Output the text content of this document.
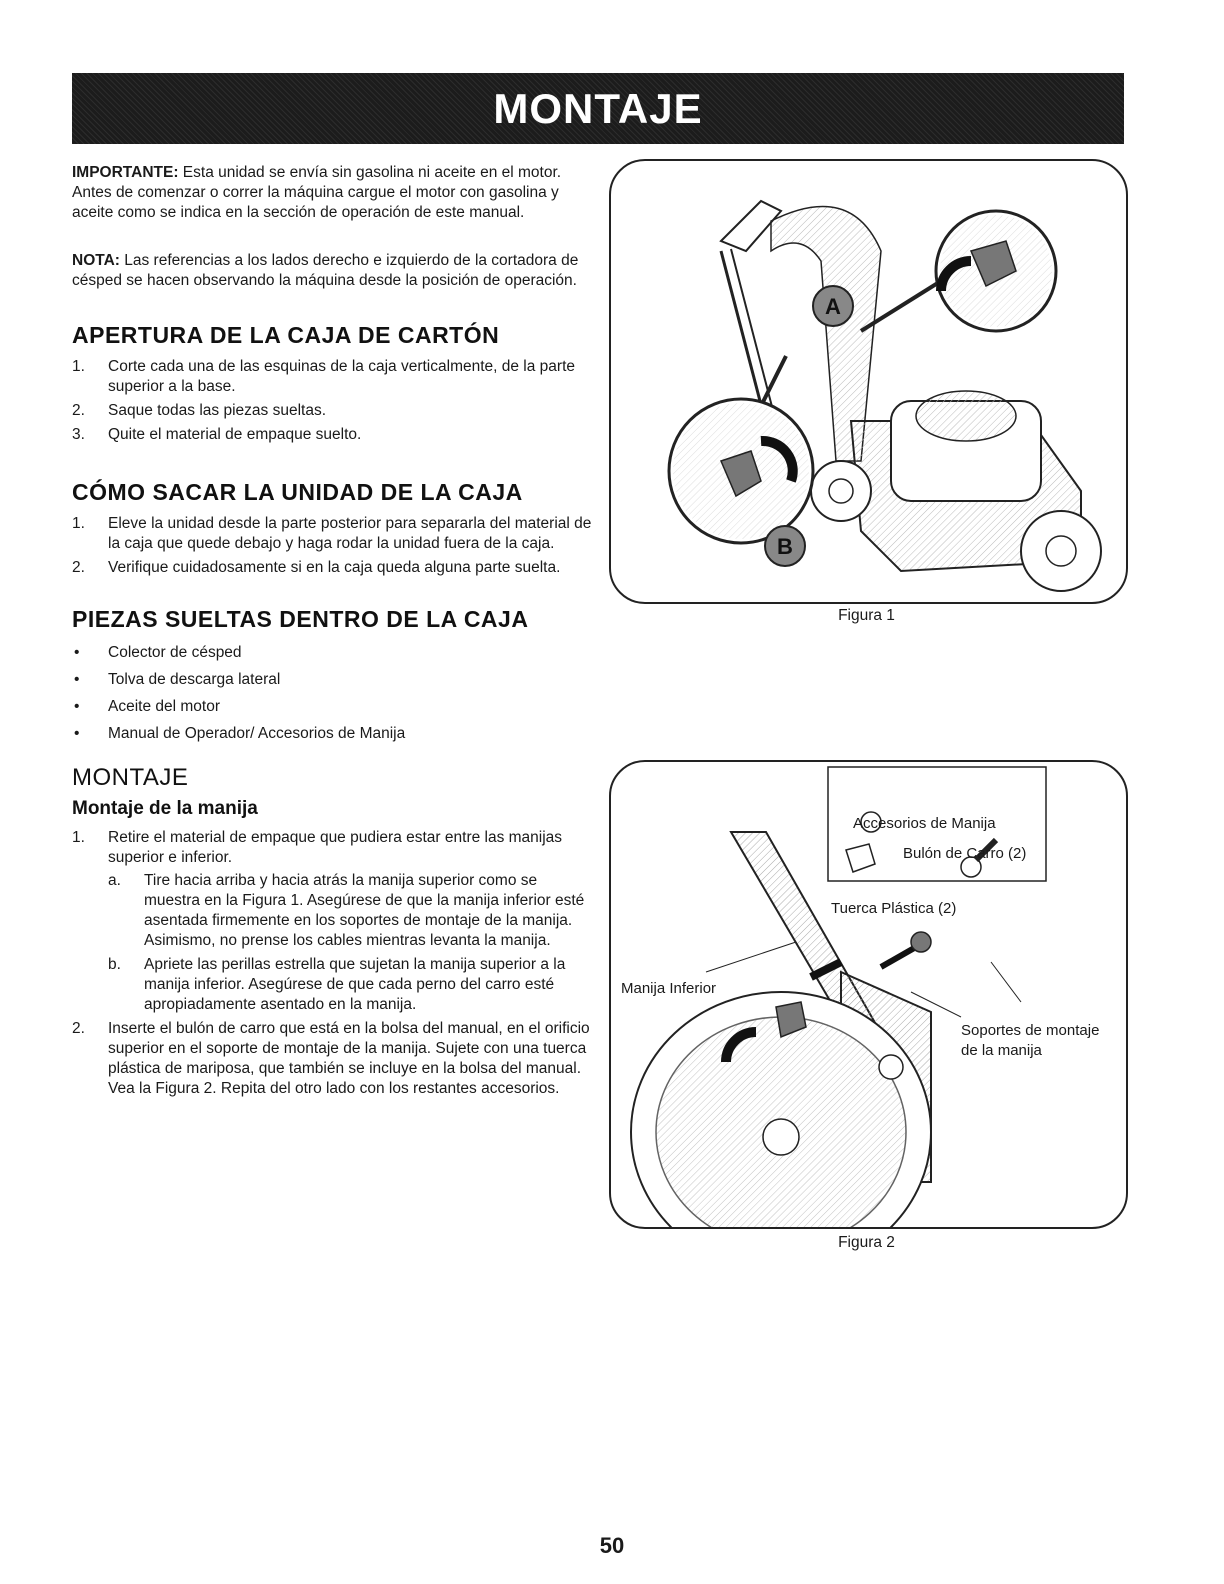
MONTAJE

IMPORTANTE: Esta unidad se envía sin gasolina ni aceite en el motor. Antes de comenzar o correr la máquina cargue el motor con gasolina y aceite como se indica en la sección de operación de este manual.

NOTA: Las referencias a los lados derecho e izquierdo de la cortadora de césped se hacen observando la máquina desde la posición de operación.

APERTURA DE LA CAJA DE CARTÓN
1. Corte cada una de las esquinas de la caja verticalmente, de la parte superior a la base.
2. Saque todas las piezas sueltas.
3. Quite el material de empaque suelto.
CÓMO SACAR LA UNIDAD DE LA CAJA
1. Eleve la unidad desde la parte posterior para separarla del material de la caja que quede debajo y haga rodar la unidad fuera de la caja.
2. Verifique cuidadosamente si en la caja queda alguna parte suelta.
PIEZAS SUELTAS DENTRO DE LA CAJA
• Colector de césped
• Tolva de descarga lateral
• Aceite del motor
• Manual de Operador/ Accesorios de Manija
MONTAJE
Montaje de la manija
1. Retire el material de empaque que pudiera estar entre las manijas superior e inferior.
a. Tire hacia arriba y hacia atrás la manija superior como se muestra en la Figura 1. Asegúrese de que la manija inferior esté asentada firmemente en los soportes de montaje de la manija. Asimismo, no prense los cables mientras levanta la manija.
b. Apriete las perillas estrella que sujetan la manija superior a la manija inferior. Asegúrese de que cada perno del carro esté apropiadamente asentado en la manija.
2. Inserte el bulón de carro que está en la bolsa del manual, en el orificio superior en el soporte de montaje de la manija. Sujete con una tuerca plástica de mariposa, que también se incluye en la bolsa del manual. Vea la Figura 2. Repita del otro lado con los restantes accesorios.
A
B
Figura 1
Accesorios de Manija
Bulón de Carro (2)
Tuerca Plástica (2)
Manija Inferior
Soportes de montaje
de la manija
Figura 2
50
